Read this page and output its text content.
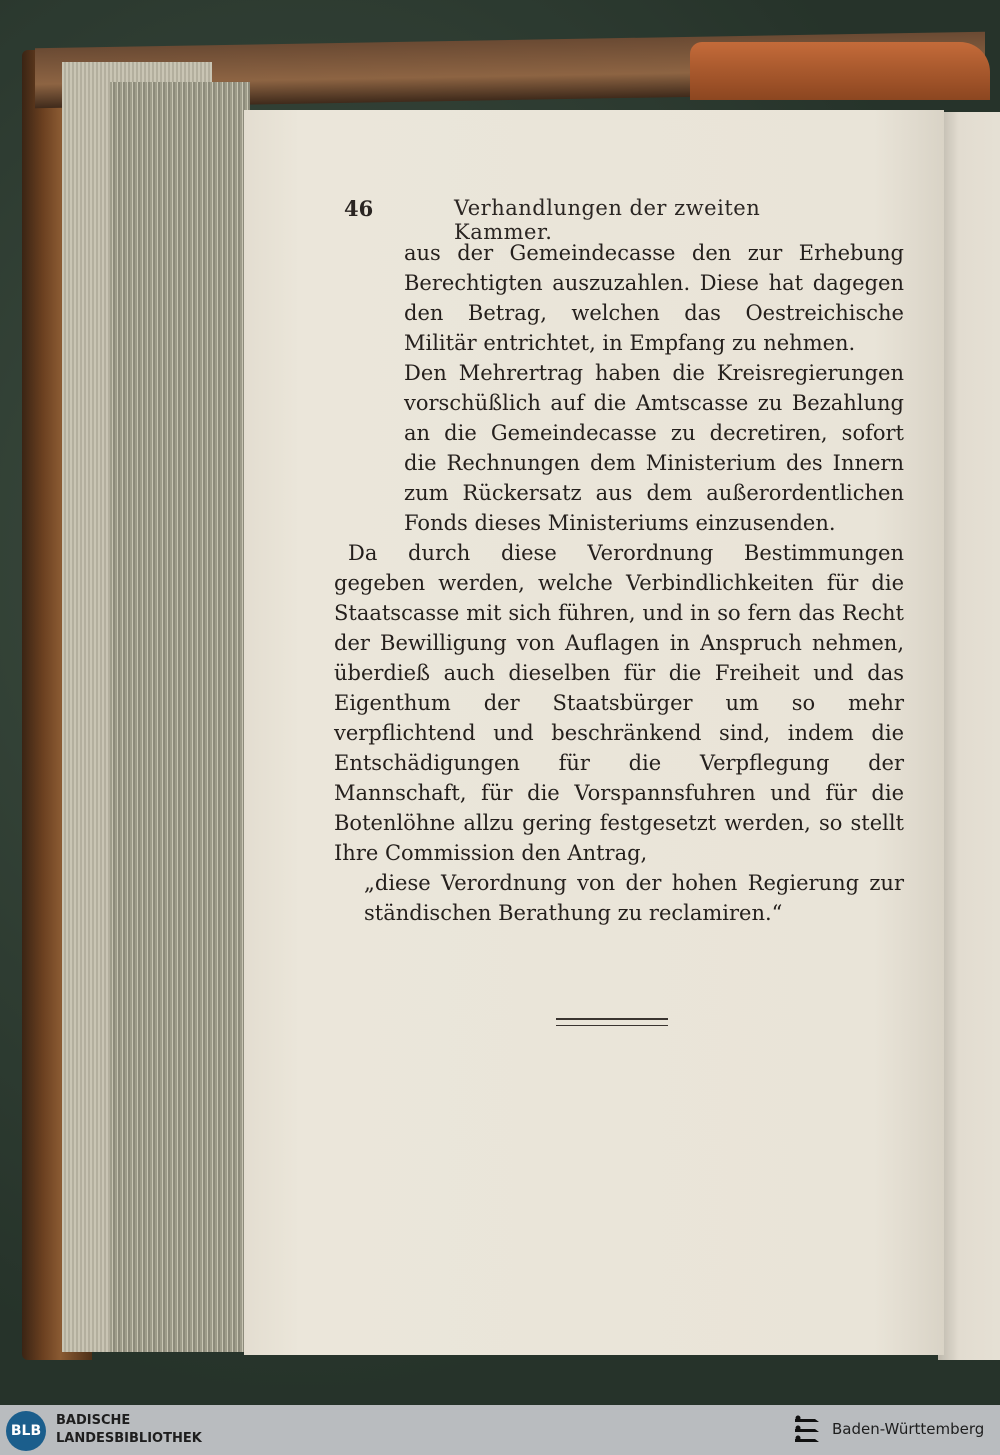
46	Verhandlungen der zweiten Kammer.

aus der Gemeindecasse den zur Erhebung Berechtigten auszuzahlen. Diese hat dagegen den Betrag, welchen das Oestreichische Militär entrichtet, in Empfang zu nehmen.

Den Mehrertrag haben die Kreisregierungen vorschüßlich auf die Amtscasse zu Bezahlung an die Gemeindecasse zu decretiren, sofort die Rechnungen dem Ministerium des Innern zum Rückersatz aus dem außerordentlichen Fonds dieses Ministeriums einzusenden.

Da durch diese Verordnung Bestimmungen gegeben werden, welche Verbindlichkeiten für die Staatscasse mit sich führen, und in so fern das Recht der Bewilligung von Auflagen in Anspruch nehmen, überdieß auch dieselben für die Freiheit und das Eigenthum der Staatsbürger um so mehr verpflichtend und beschränkend sind, indem die Entschädigungen für die Verpflegung der Mannschaft, für die Vorspannsfuhren und für die Botenlöhne allzu gering festgesetzt werden, so stellt Ihre Commission den Antrag,

„diese Verordnung von der hohen Regierung zur ständischen Berathung zu reclamiren.“

BLB
BADISCHE
LANDESBIBLIOTHEK
Baden-Württemberg
